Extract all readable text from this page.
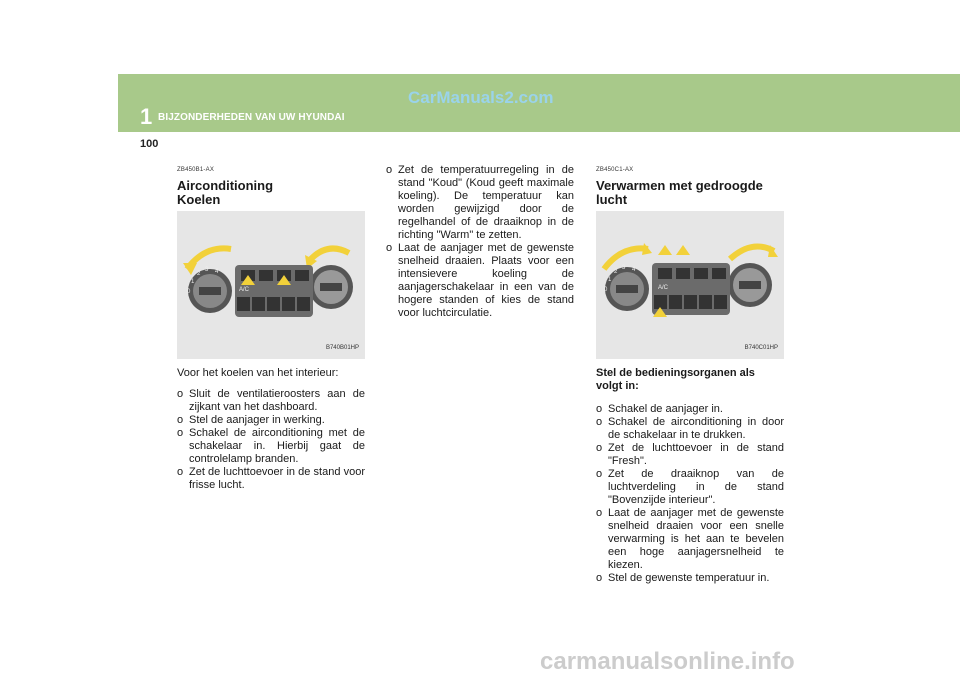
1 BIJZONDERHEDEN VAN UW HYUNDAI
CarManuals2.com
100
ZB450B1-AX
Airconditioning
Koelen
1
2
3 4
0	A/C
B740B01HP
Voor het koelen van het interieur:
o Sluit de ventilatieroosters aan de zijkant van het dashboard.
o Stel de aanjager in werking.
o Schakel de airconditioning met de schakelaar in. Hierbij gaat de controlelamp branden.
o Zet de luchttoevoer in de stand voor frisse lucht.
o Zet de temperatuurregeling in de stand "Koud" (Koud geeft maximale koeling). De temperatuur kan worden gewijzigd door de regelhandel of de draaiknop in de richting "Warm" te zetten.
o Laat de aanjager met de gewenste snelheid draaien. Plaats voor een intensievere koeling de aanjagerschakelaar in een van de hogere standen of kies de stand voor luchtcirculatie.
ZB450C1-AX
Verwarmen met gedroogde lucht
1
2
3 4
0	A/C
B740C01HP
Stel de bedieningsorganen als volgt in:
o Schakel de aanjager in.
o Schakel de airconditioning in door de schakelaar in te drukken.
o Zet de luchttoevoer in de stand "Fresh".
o Zet de draaiknop van de luchtverdeling in de stand "Bovenzijde interieur".
o Laat de aanjager met de gewenste snelheid draaien voor een snelle verwarming is het aan te bevelen een hoge aanjagersnelheid te kiezen.
o Stel de gewenste temperatuur in.
carmanualsonline.info
